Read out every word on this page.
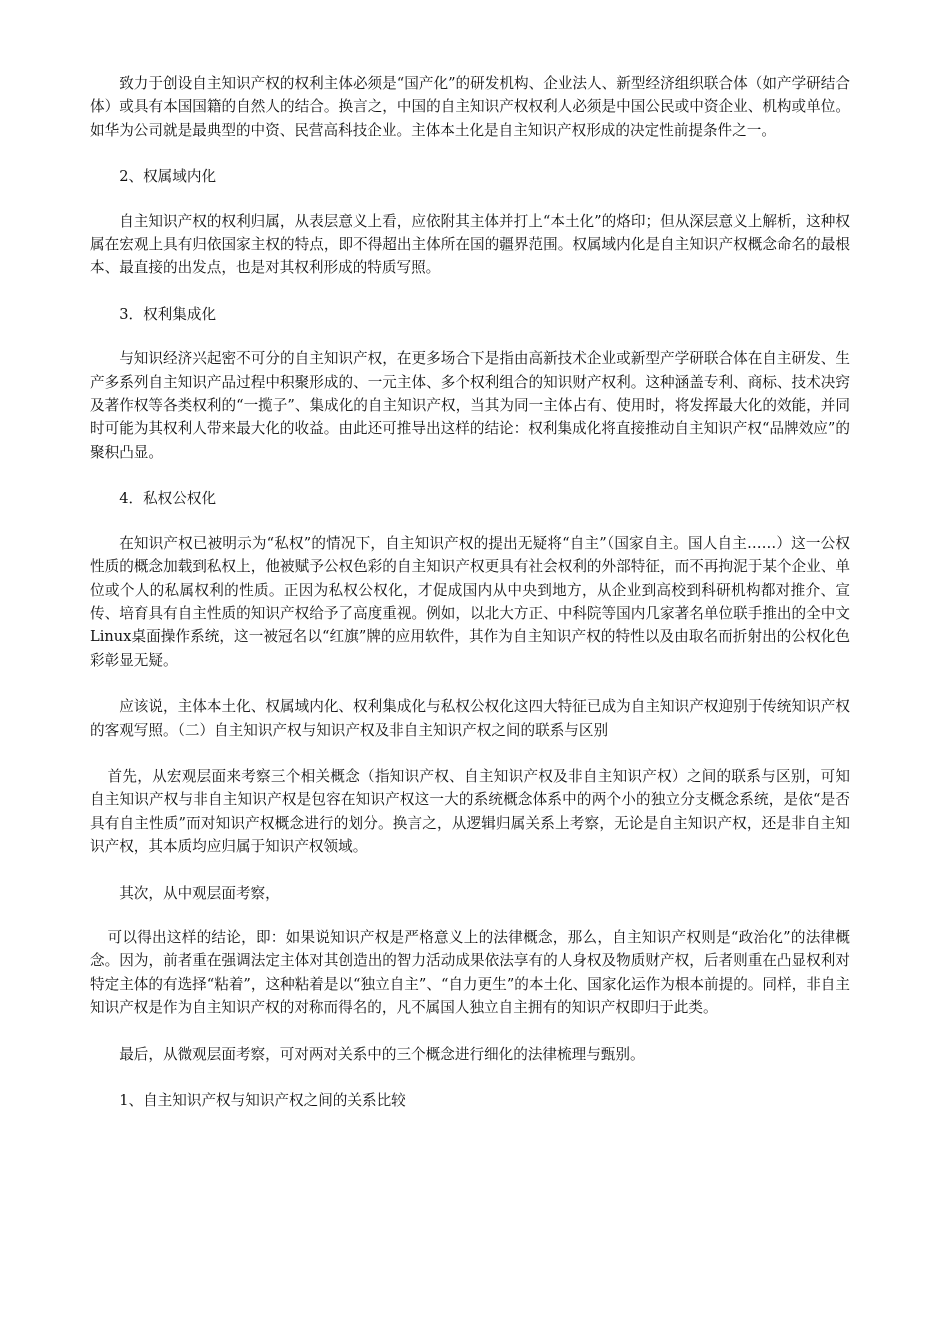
致力于创设自主知识产权的权利主体必须是“国产化”的研发机构、企业法人、新型经济组织联合体（如产学研结合体）或具有本国国籍的自然人的结合。换言之，中国的自主知识产权权利人必须是中国公民或中资企业、机构或单位。如华为公司就是最典型的中资、民营高科技企业。主体本土化是自主知识产权形成的决定性前提条件之一。

2、权属域内化

自主知识产权的权利归属，从表层意义上看，应依附其主体并打上“本土化”的烙印；但从深层意义上解析，这种权属在宏观上具有归依国家主权的特点，即不得超出主体所在国的疆界范围。权属域内化是自主知识产权概念命名的最根本、最直接的出发点，也是对其权利形成的特质写照。

3．权利集成化

与知识经济兴起密不可分的自主知识产权，在更多场合下是指由高新技术企业或新型产学研联合体在自主研发、生产多系列自主知识产品过程中积聚形成的、一元主体、多个权利组合的知识财产权利。这种涵盖专利、商标、技术决窍及著作权等各类权利的“一揽子”、集成化的自主知识产权，当其为同一主体占有、使用时，将发挥最大化的效能，并同时可能为其权利人带来最大化的收益。由此还可推导出这样的结论：权利集成化将直接推动自主知识产权“品牌效应”的聚积凸显。

4．私权公权化

在知识产权已被明示为“私权”的情况下，自主知识产权的提出无疑将“自主”（国家自主。国人自主……）这一公权性质的概念加载到私权上，他被赋予公权色彩的自主知识产权更具有社会权利的外部特征，而不再拘泥于某个企业、单位或个人的私属权利的性质。正因为私权公权化，才促成国内从中央到地方，从企业到高校到科研机构都对推介、宣传、培育具有自主性质的知识产权给予了高度重视。例如，以北大方正、中科院等国内几家著名单位联手推出的全中文Linux桌面操作系统，这一被冠名以“红旗”牌的应用软件，其作为自主知识产权的特性以及由取名而折射出的公权化色彩彰显无疑。

应该说，主体本土化、权属域内化、权利集成化与私权公权化这四大特征已成为自主知识产权迎别于传统知识产权的客观写照。（二）自主知识产权与知识产权及非自主知识产权之间的联系与区别

首先，从宏观层面来考察三个相关概念（指知识产权、自主知识产权及非自主知识产权）之间的联系与区别，可知自主知识产权与非自主知识产权是包容在知识产权这一大的系统概念体系中的两个小的独立分支概念系统，是依“是否具有自主性质”而对知识产权概念进行的划分。换言之，从逻辑归属关系上考察，无论是自主知识产权，还是非自主知识产权，其本质均应归属于知识产权领域。

其次，从中观层面考察，

可以得出这样的结论，即：如果说知识产权是严格意义上的法律概念，那么，自主知识产权则是“政治化”的法律概念。因为，前者重在强调法定主体对其创造出的智力活动成果依法享有的人身权及物质财产权，后者则重在凸显权利对特定主体的有选择“粘着”，这种粘着是以“独立自主”、“自力更生”的本土化、国家化运作为根本前提的。同样，非自主知识产权是作为自主知识产权的对称而得名的，凡不属国人独立自主拥有的知识产权即归于此类。

最后，从微观层面考察，可对两对关系中的三个概念进行细化的法律梳理与甄别。

1、自主知识产权与知识产权之间的关系比较
